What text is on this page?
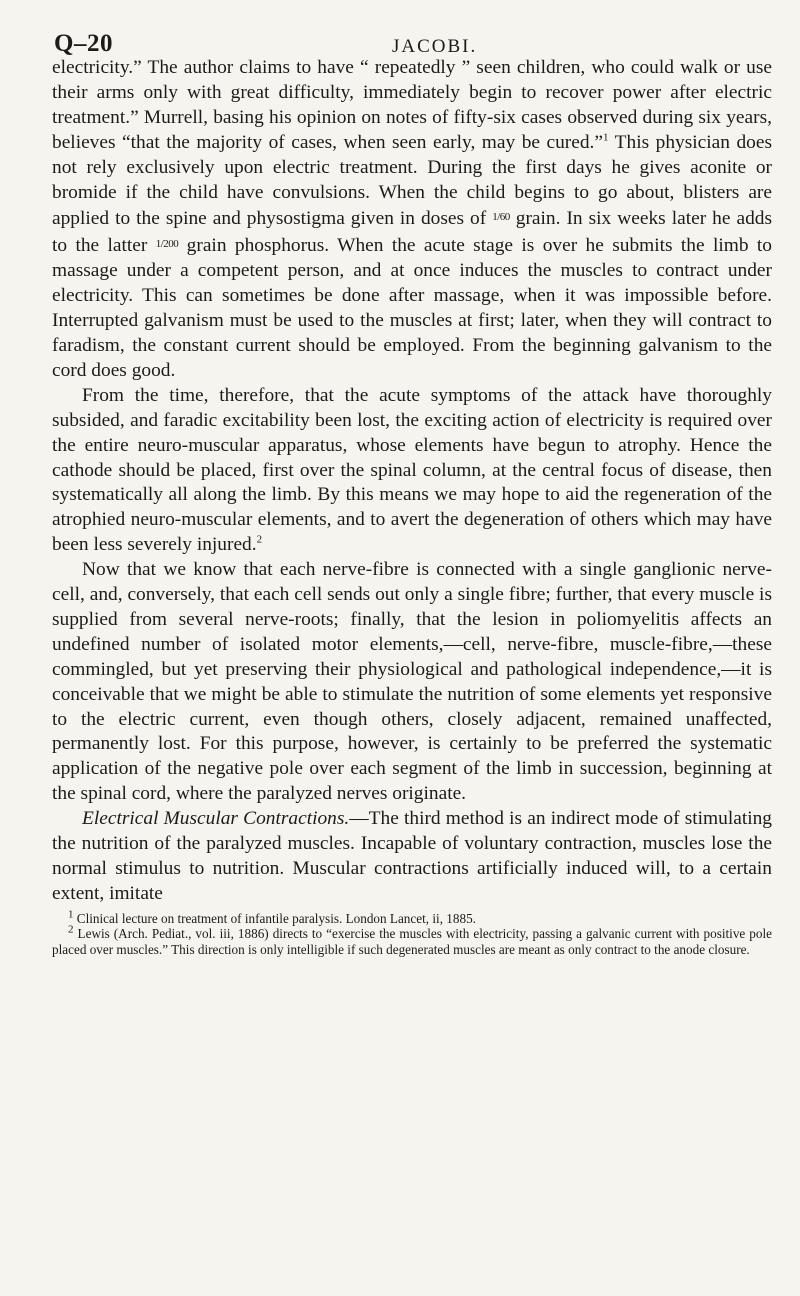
Q–20	JACOBI.

electricity.” The author claims to have “ repeatedly ” seen children, who could walk or use their arms only with great difficulty, immediately begin to recover power after electric treatment.” Murrell, basing his opinion on notes of fifty-six cases observed during six years, believes “that the majority of cases, when seen early, may be cured.”$^1$ This physician does not rely exclusively upon electric treatment. During the first days he gives aconite or bromide if the child have convulsions. When the child begins to go about, blisters are applied to the spine and physostigma given in doses of $^{1/60}$ grain. In six weeks later he adds to the latter $^{1/200}$ grain phosphorus. When the acute stage is over he submits the limb to massage under a competent person, and at once induces the muscles to contract under electricity. This can sometimes be done after massage, when it was impossible before. Interrupted galvanism must be used to the muscles at first; later, when they will contract to faradism, the constant current should be employed. From the beginning galvanism to the cord does good.

From the time, therefore, that the acute symptoms of the attack have thoroughly subsided, and faradic excitability been lost, the exciting action of electricity is required over the entire neuro-muscular apparatus, whose elements have begun to atrophy. Hence the cathode should be placed, first over the spinal column, at the central focus of disease, then systematically all along the limb. By this means we may hope to aid the regeneration of the atrophied neuro-muscular elements, and to avert the degeneration of others which may have been less severely injured.$^2$

Now that we know that each nerve-fibre is connected with a single ganglionic nerve-cell, and, conversely, that each cell sends out only a single fibre; further, that every muscle is supplied from several nerve-roots; finally, that the lesion in poliomyelitis affects an undefined number of isolated motor elements,—cell, nerve-fibre, muscle-fibre,—these commingled, but yet preserving their physiological and pathological independence,—it is conceivable that we might be able to stimulate the nutrition of some elements yet responsive to the electric current, even though others, closely adjacent, remained unaffected, permanently lost. For this purpose, however, is certainly to be preferred the systematic application of the negative pole over each segment of the limb in succession, beginning at the spinal cord, where the paralyzed nerves originate.

Electrical Muscular Contractions.—The third method is an indirect mode of stimulating the nutrition of the paralyzed muscles. Incapable of voluntary contraction, muscles lose the normal stimulus to nutrition. Muscular contractions artificially induced will, to a certain extent, imitate

$^1$ Clinical lecture on treatment of infantile paralysis. London Lancet, ii, 1885.

$^2$ Lewis (Arch. Pediat., vol. iii, 1886) directs to “exercise the muscles with electricity, passing a galvanic current with positive pole placed over muscles.” This direction is only intelligible if such degenerated muscles are meant as only contract to the anode closure.
